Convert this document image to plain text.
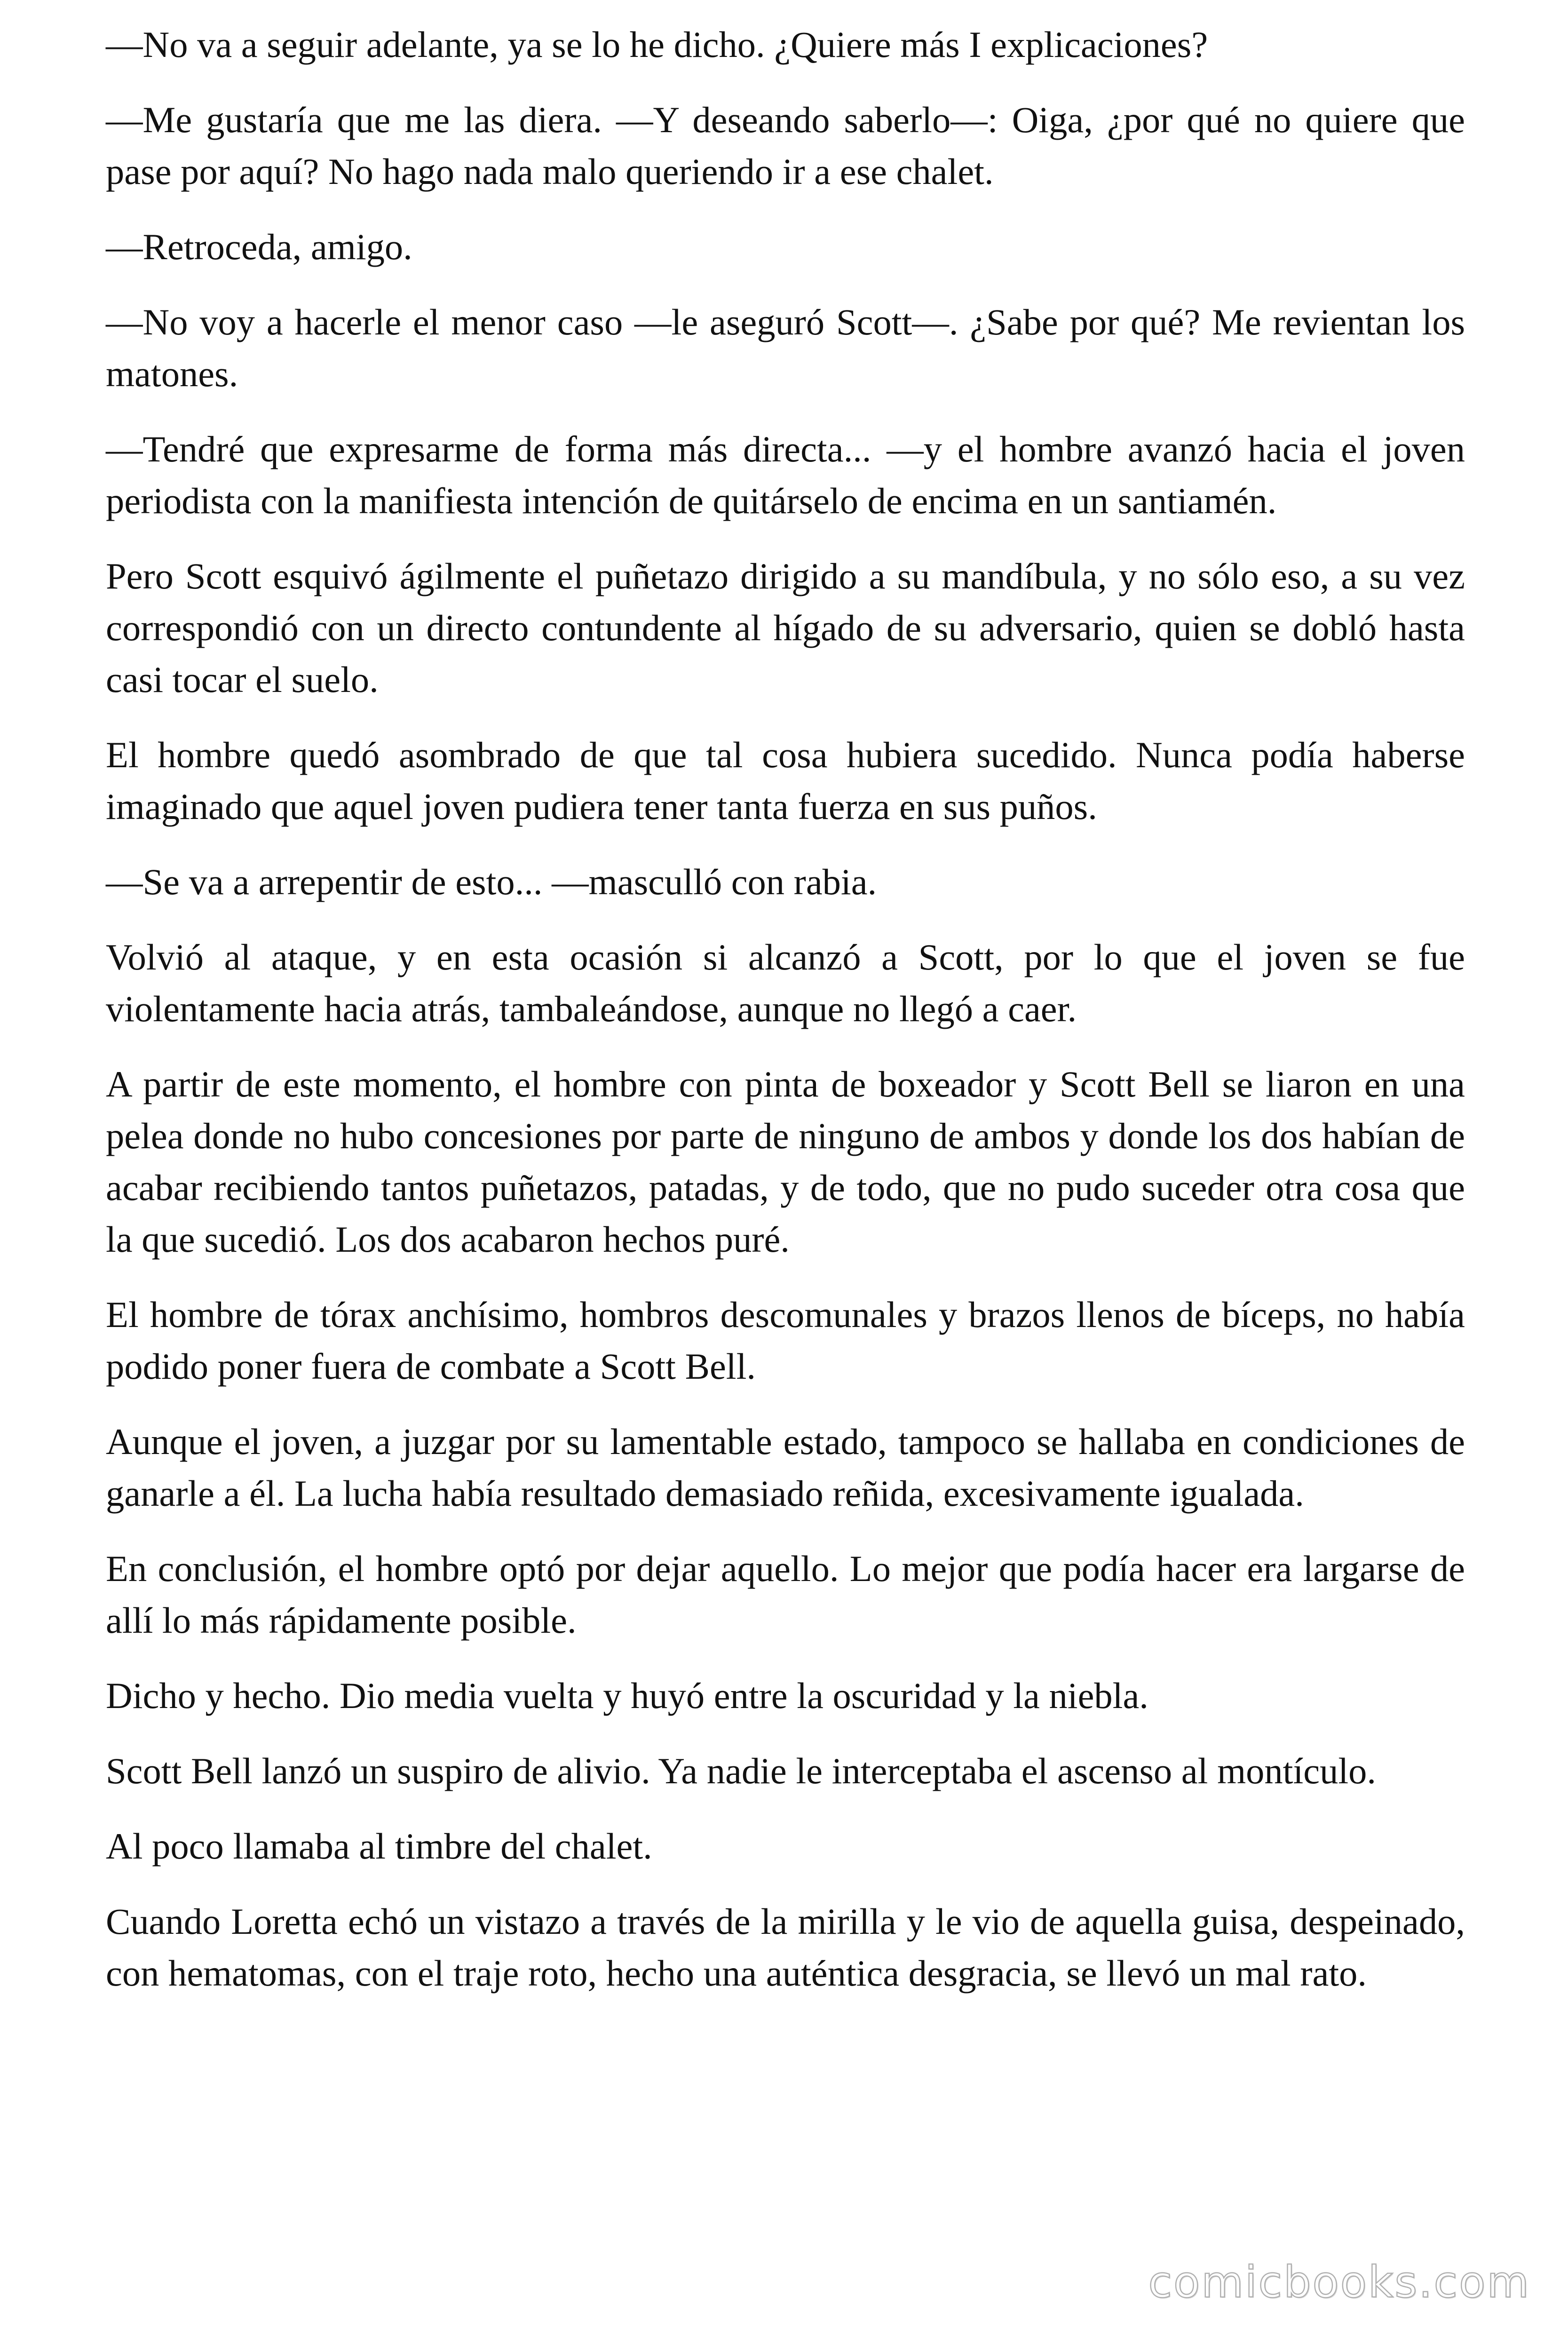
—No va a seguir adelante, ya se lo he dicho. ¿Quiere más I explicaciones?

—Me gustaría que me las diera. —Y deseando saberlo—: Oiga, ¿por qué no quiere que pase por aquí? No hago nada malo queriendo ir a ese chalet.

—Retroceda, amigo.

—No voy a hacerle el menor caso —le aseguró Scott—. ¿Sabe por qué? Me revientan los matones.

—Tendré que expresarme de forma más directa... —y el hombre avanzó hacia el joven periodista con la manifiesta intención de quitárselo de encima en un santiamén.

Pero Scott esquivó ágilmente el puñetazo dirigido a su mandíbula, y no sólo eso, a su vez correspondió con un directo contundente al hígado de su adversario, quien se dobló hasta casi tocar el suelo.

El hombre quedó asombrado de que tal cosa hubiera sucedido. Nunca podía haberse imaginado que aquel joven pudiera tener tanta fuerza en sus puños.

—Se va a arrepentir de esto... —masculló con rabia.

Volvió al ataque, y en esta ocasión si alcanzó a Scott, por lo que el joven se fue violentamente hacia atrás, tambaleándose, aunque no llegó a caer.

A partir de este momento, el hombre con pinta de boxeador y Scott Bell se liaron en una pelea donde no hubo concesiones por parte de ninguno de ambos y donde los dos habían de acabar recibiendo tantos puñetazos, patadas, y de todo, que no pudo suceder otra cosa que la que sucedió. Los dos acabaron hechos puré.

El hombre de tórax anchísimo, hombros descomunales y brazos llenos de bíceps, no había podido poner fuera de combate a Scott Bell.

Aunque el joven, a juzgar por su lamentable estado, tampoco se hallaba en condiciones de ganarle a él. La lucha había resultado demasiado reñida, excesivamente igualada.

En conclusión, el hombre optó por dejar aquello. Lo mejor que podía hacer era largarse de allí lo más rápidamente posible.

Dicho y hecho. Dio media vuelta y huyó entre la oscuridad y la niebla.

Scott Bell lanzó un suspiro de alivio. Ya nadie le interceptaba el ascenso al montículo.

Al poco llamaba al timbre del chalet.

Cuando Loretta echó un vistazo a través de la mirilla y le vio de aquella guisa, despeinado, con hematomas, con el traje roto, hecho una auténtica desgracia, se llevó un mal rato.

comicbooks.com
